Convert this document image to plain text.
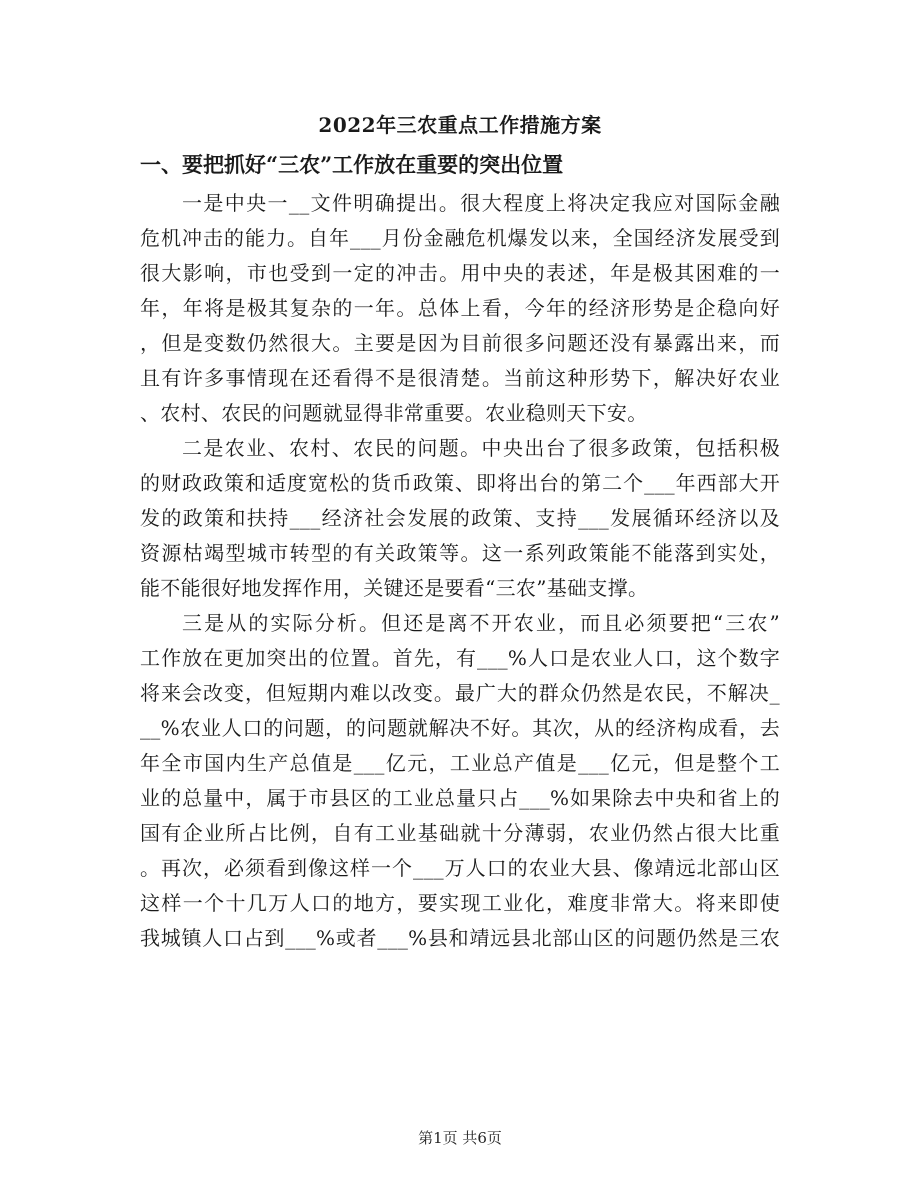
2022年三农重点工作措施方案
一、要把抓好“三农”工作放在重要的突出位置
一是中央一__文件明确提出。很大程度上将决定我应对国际金融
危机冲击的能力。自年___月份金融危机爆发以来，全国经济发展受到
很大影响，市也受到一定的冲击。用中央的表述，年是极其困难的一
年，年将是极其复杂的一年。总体上看，今年的经济形势是企稳向好
，但是变数仍然很大。主要是因为目前很多问题还没有暴露出来，而
且有许多事情现在还看得不是很清楚。当前这种形势下，解决好农业
、农村、农民的问题就显得非常重要。农业稳则天下安。
二是农业、农村、农民的问题。中央出台了很多政策，包括积极
的财政政策和适度宽松的货币政策、即将出台的第二个___年西部大开
发的政策和扶持___经济社会发展的政策、支持___发展循环经济以及
资源枯竭型城市转型的有关政策等。这一系列政策能不能落到实处，
能不能很好地发挥作用，关键还是要看“三农”基础支撑。
三是从的实际分析。但还是离不开农业，而且必须要把“三农”
工作放在更加突出的位置。首先，有___%人口是农业人口，这个数字
将来会改变，但短期内难以改变。最广大的群众仍然是农民，不解决_
__%农业人口的问题，的问题就解决不好。其次，从的经济构成看，去
年全市国内生产总值是___亿元，工业总产值是___亿元，但是整个工
业的总量中，属于市县区的工业总量只占___%如果除去中央和省上的
国有企业所占比例，自有工业基础就十分薄弱，农业仍然占很大比重
。再次，必须看到像这样一个___万人口的农业大县、像靖远北部山区
这样一个十几万人口的地方，要实现工业化，难度非常大。将来即使
我城镇人口占到___%或者___%县和靖远县北部山区的问题仍然是三农
第1页 共6页
